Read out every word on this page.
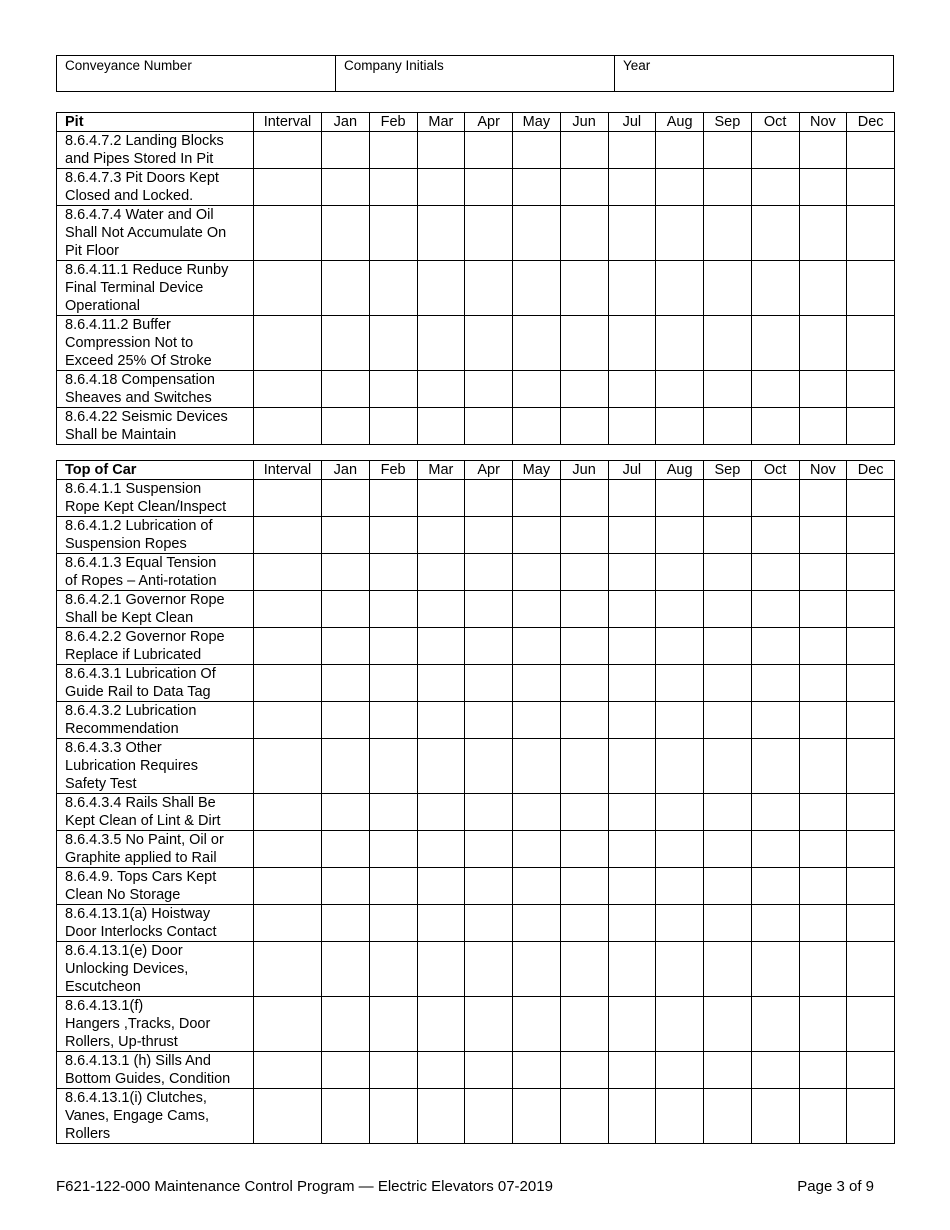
Conveyance Number	Company Initials	Year
Pit	Interval	Jan	Feb	Mar	Apr	May	Jun	Jul	Aug	Sep	Oct	Nov	Dec

8.6.4.7.2 Landing Blocks
and Pipes Stored In Pit													

8.6.4.7.3 Pit Doors Kept
Closed and Locked.													

8.6.4.7.4 Water and Oil
Shall Not Accumulate On
Pit Floor													

8.6.4.11.1 Reduce Runby
Final Terminal Device
Operational													

8.6.4.11.2 Buffer
Compression Not to
Exceed 25% Of Stroke													

8.6.4.18 Compensation
Sheaves and Switches													

8.6.4.22 Seismic Devices
Shall be Maintain													

Top of Car	Interval	Jan	Feb	Mar	Apr	May	Jun	Jul	Aug	Sep	Oct	Nov	Dec

8.6.4.1.1 Suspension
Rope Kept Clean/Inspect													

8.6.4.1.2 Lubrication of
Suspension Ropes													

8.6.4.1.3 Equal Tension
of Ropes – Anti-rotation													

8.6.4.2.1 Governor Rope
Shall be Kept Clean													

8.6.4.2.2 Governor Rope
Replace if Lubricated													

8.6.4.3.1 Lubrication Of
Guide Rail to Data Tag													

8.6.4.3.2 Lubrication
Recommendation													

8.6.4.3.3 Other
Lubrication Requires
Safety Test													

8.6.4.3.4 Rails Shall Be
Kept Clean of Lint & Dirt													

8.6.4.3.5 No Paint, Oil or
Graphite applied to Rail													

8.6.4.9. Tops Cars Kept
Clean No Storage													

8.6.4.13.1(a) Hoistway
Door Interlocks Contact													

8.6.4.13.1(e) Door
Unlocking Devices,
Escutcheon													

8.6.4.13.1(f)
Hangers ,Tracks, Door
Rollers, Up-thrust													

8.6.4.13.1 (h) Sills And
Bottom Guides, Condition													

8.6.4.13.1(i) Clutches,
Vanes, Engage Cams,
Rollers													

F621-122-000 Maintenance Control Program — Electric Elevators 07-2019	Page 3 of 9
